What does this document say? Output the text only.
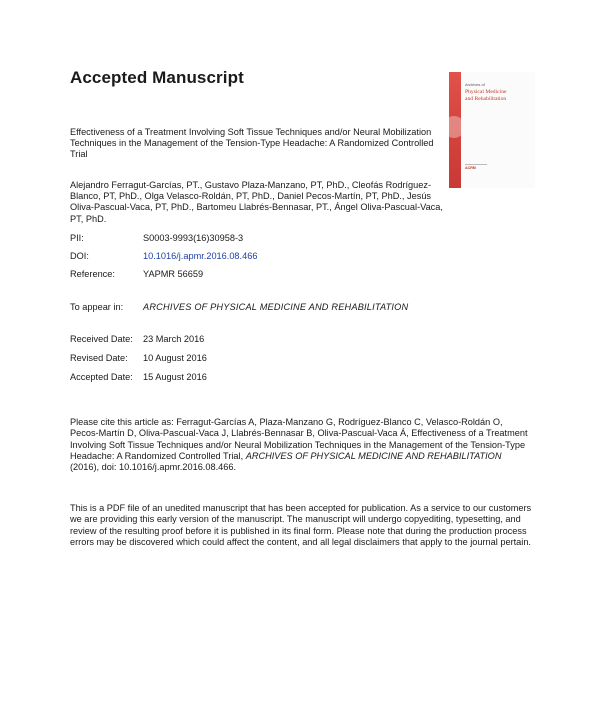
Accepted Manuscript	Archives of
Physical Medicine
and Rehabilitation
ACRM

Effectiveness of a Treatment Involving Soft Tissue Techniques and/or Neural Mobilization Techniques in the Management of the Tension-Type Headache: A Randomized Controlled Trial

Alejandro Ferragut-Garcías, PT., Gustavo Plaza-Manzano, PT, PhD., Cleofás Rodríguez-Blanco, PT, PhD., Olga Velasco-Roldán, PT, PhD., Daniel Pecos-Martín, PT, PhD., Jesús Oliva-Pascual-Vaca, PT, PhD., Bartomeu Llabrés-Bennasar, PT., Ángel Oliva-Pascual-Vaca, PT, PhD.

PII:	S0003-9993(16)30958-3
DOI:	10.1016/j.apmr.2016.08.466
Reference:	YAPMR 56659
To appear in: ARCHIVES OF PHYSICAL MEDICINE AND REHABILITATION
Received Date: 23 March 2016
Revised Date: 10 August 2016
Accepted Date: 15 August 2016

Please cite this article as: Ferragut-Garcías A, Plaza-Manzano G, Rodríguez-Blanco C, Velasco-Roldán O, Pecos-Martín D, Oliva-Pascual-Vaca J, Llabrés-Bennasar B, Oliva-Pascual-Vaca Á, Effectiveness of a Treatment Involving Soft Tissue Techniques and/or Neural Mobilization Techniques in the Management of the Tension-Type Headache: A Randomized Controlled Trial, ARCHIVES OF PHYSICAL MEDICINE AND REHABILITATION (2016), doi: 10.1016/j.apmr.2016.08.466.

This is a PDF file of an unedited manuscript that has been accepted for publication. As a service to our customers we are providing this early version of the manuscript. The manuscript will undergo copyediting, typesetting, and review of the resulting proof before it is published in its final form. Please note that during the production process errors may be discovered which could affect the content, and all legal disclaimers that apply to the journal pertain.
